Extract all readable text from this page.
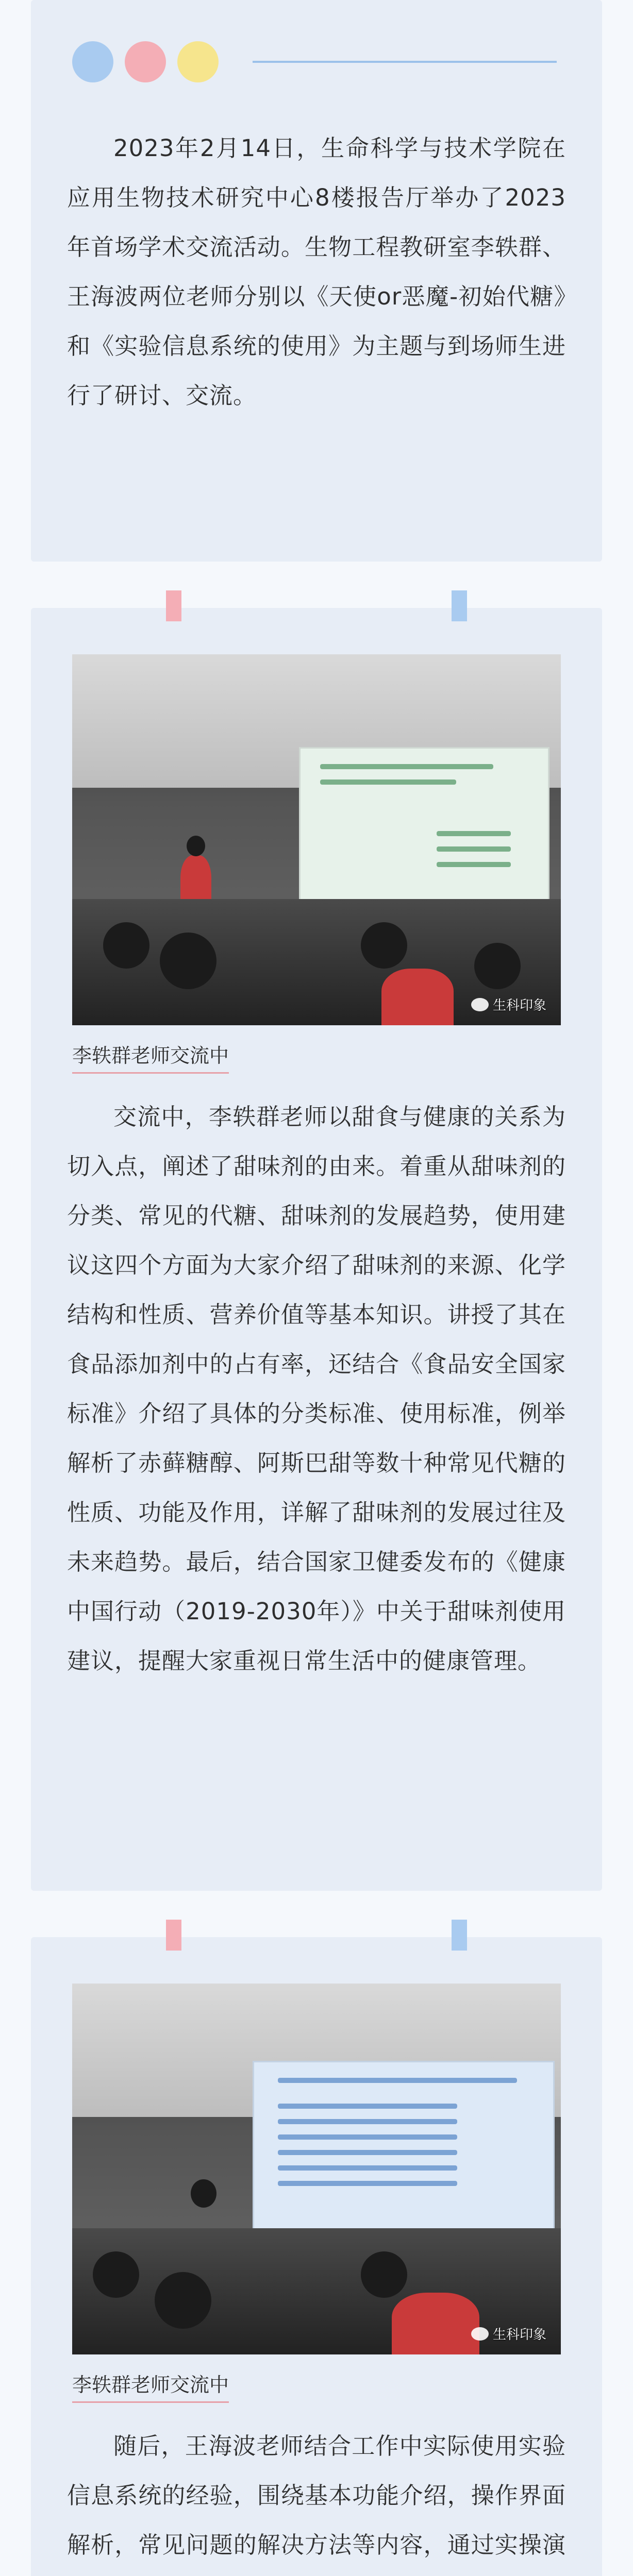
2023年2月14日，生命科学与技术学院在应用生物技术研究中心8楼报告厅举办了2023年首场学术交流活动。生物工程教研室李轶群、王海波两位老师分别以《天使or恶魔-初始代糖》和《实验信息系统的使用》为主题与到场师生进行了研讨、交流。

生科印象
李轶群老师交流中

交流中，李轶群老师以甜食与健康的关系为切入点，阐述了甜味剂的由来。着重从甜味剂的分类、常见的代糖、甜味剂的发展趋势，使用建议这四个方面为大家介绍了甜味剂的来源、化学结构和性质、营养价值等基本知识。讲授了其在食品添加剂中的占有率，还结合《食品安全国家标准》介绍了具体的分类标准、使用标准，例举解析了赤藓糖醇、阿斯巴甜等数十种常见代糖的性质、功能及作用，详解了甜味剂的发展过往及未来趋势。最后，结合国家卫健委发布的《健康中国行动（2019-2030年）》中关于甜味剂使用建议，提醒大家重视日常生活中的健康管理。

生科印象
李轶群老师交流中

随后，王海波老师结合工作中实际使用实验信息系统的经验，围绕基本功能介绍，操作界面解析，常见问题的解决方法等内容，通过实操演
